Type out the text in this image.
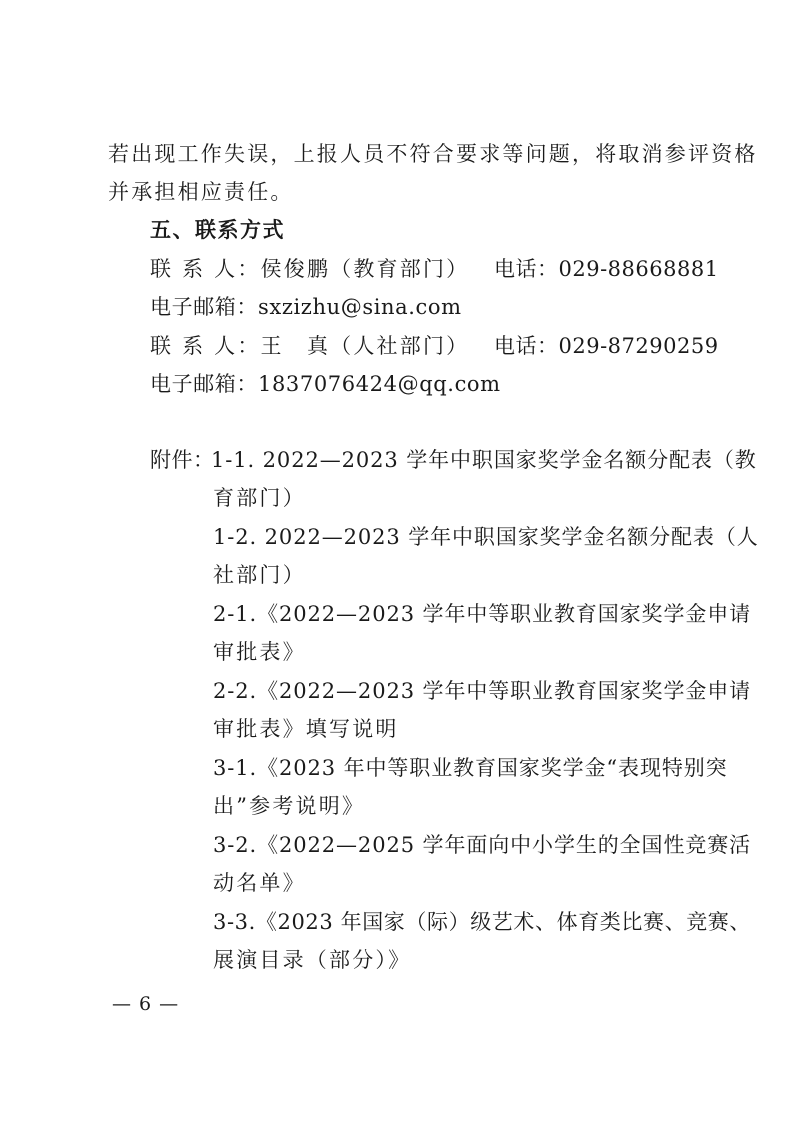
若出现工作失误，上报人员不符合要求等问题，将取消参评资格
并承担相应责任。
五、联系方式
联 系 人：侯俊鹏（教育部门） 电话：029-88668881
电子邮箱：sxzizhu@sina.com
联 系 人：王　真（人社部门） 电话：029-87290259
电子邮箱：1837076424@qq.com
附件：
1-1. 2022—2023 学年中职国家奖学金名额分配表（教
育部门）
1-2. 2022—2023 学年中职国家奖学金名额分配表（人
社部门）
2-1.《2022—2023 学年中等职业教育国家奖学金申请
审批表》
2-2.《2022—2023 学年中等职业教育国家奖学金申请
审批表》填写说明
3-1.《2023 年中等职业教育国家奖学金“表现特别突
出”参考说明》
3-2.《2022—2025 学年面向中小学生的全国性竞赛活
动名单》
3-3.《2023 年国家（际）级艺术、体育类比赛、竞赛、
展演目录（部分）》
— 6 —
